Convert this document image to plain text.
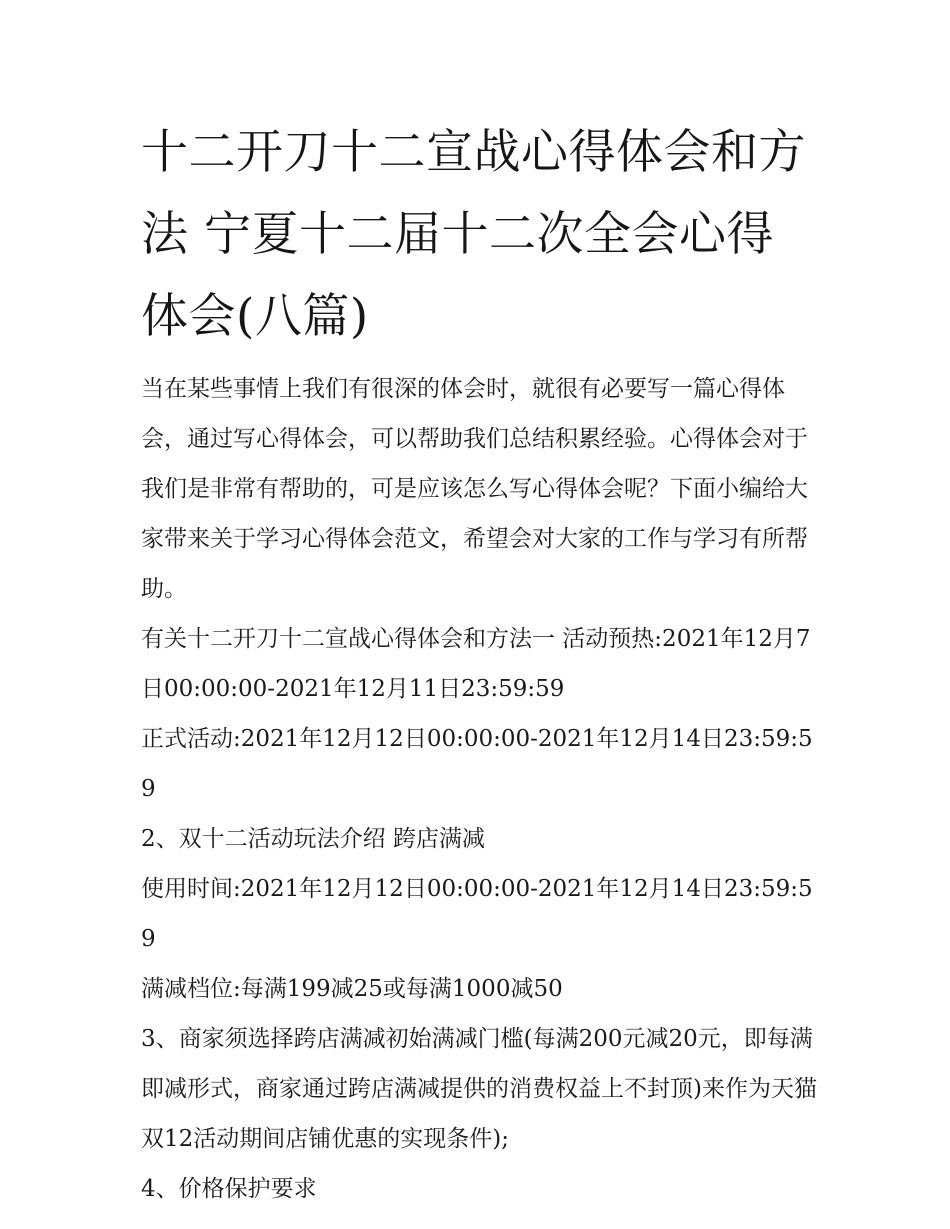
十二开刀十二宣战心得体会和方法 宁夏十二届十二次全会心得体会(八篇)

当在某些事情上我们有很深的体会时，就很有必要写一篇心得体会，通过写心得体会，可以帮助我们总结积累经验。心得体会对于我们是非常有帮助的，可是应该怎么写心得体会呢？下面小编给大家带来关于学习心得体会范文，希望会对大家的工作与学习有所帮助。

有关十二开刀十二宣战心得体会和方法一 活动预热:2021年12月7日00:00:00-2021年12月11日23:59:59

正式活动:2021年12月12日00:00:00-2021年12月14日23:59:59

2、双十二活动玩法介绍 跨店满减

使用时间:2021年12月12日00:00:00-2021年12月14日23:59:59

满减档位:每满199减25或每满1000减50

3、商家须选择跨店满减初始满减门槛(每满200元减20元，即每满即减形式，商家通过跨店满减提供的消费权益上不封顶)来作为天猫双12活动期间店铺优惠的实现条件);

4、价格保护要求
